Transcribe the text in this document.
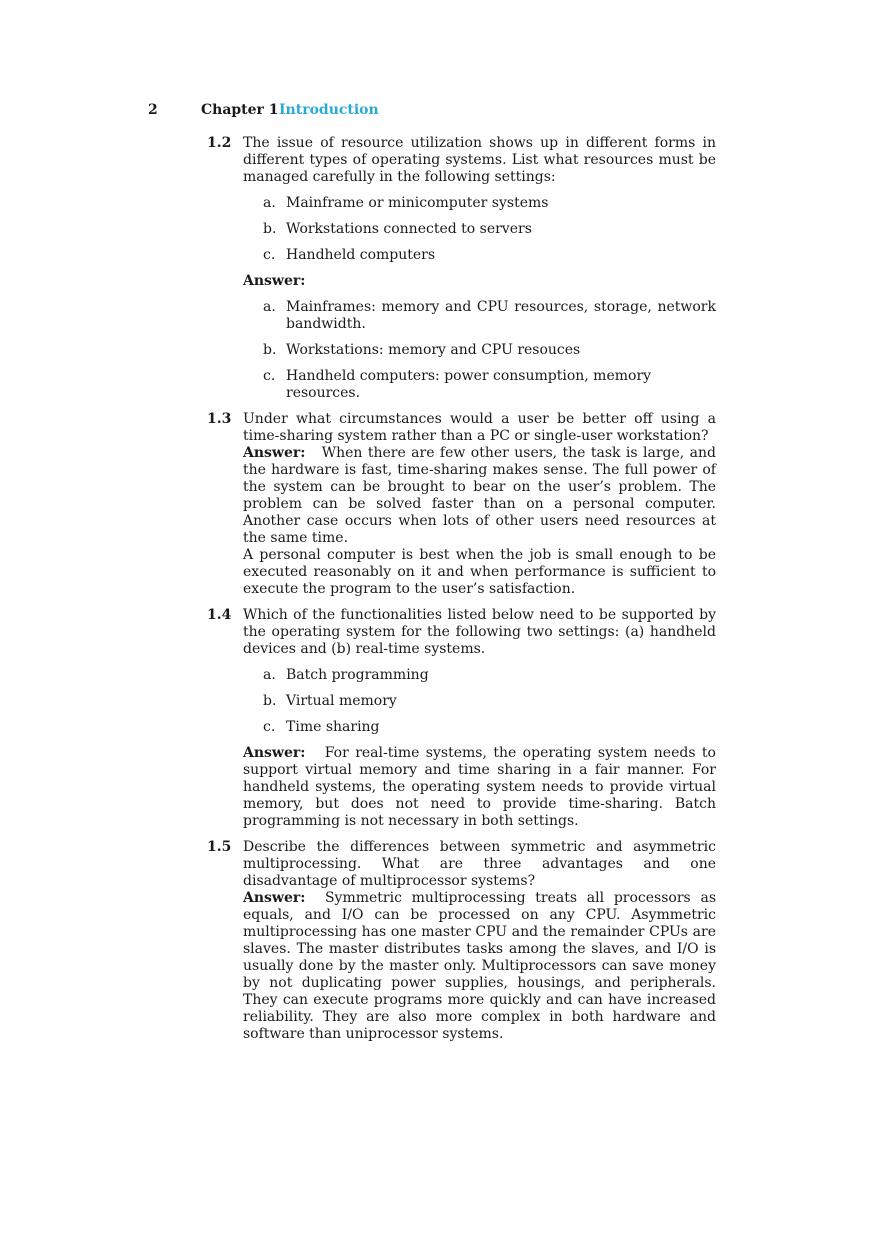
2	Chapter 1 Introduction
1.2 The issue of resource utilization shows up in different forms in different types of operating systems. List what resources must be managed carefully in the following settings:

a. Mainframe or minicomputer systems
b. Workstations connected to servers
c. Handheld computers
Answer:
a. Mainframes: memory and CPU resources, storage, network bandwidth.
b. Workstations: memory and CPU resouces
c. Handheld computers: power consumption, memory resources.
1.3 Under what circumstances would a user be better off using a time-sharing system rather than a PC or single-user workstation?

Answer: When there are few other users, the task is large, and the hardware is fast, time-sharing makes sense. The full power of the system can be brought to bear on the user’s problem. The problem can be solved faster than on a personal computer. Another case occurs when lots of other users need resources at the same time.

A personal computer is best when the job is small enough to be executed reasonably on it and when performance is sufficient to execute the program to the user’s satisfaction.

1.4 Which of the functionalities listed below need to be supported by the operating system for the following two settings: (a) handheld devices and (b) real-time systems.

a. Batch programming
b. Virtual memory
c. Time sharing

Answer: For real-time systems, the operating system needs to support virtual memory and time sharing in a fair manner. For handheld systems, the operating system needs to provide virtual memory, but does not need to provide time-sharing. Batch programming is not necessary in both settings.

1.5 Describe the differences between symmetric and asymmetric multiprocessing. What are three advantages and one disadvantage of multiprocessor systems?

Answer: Symmetric multiprocessing treats all processors as equals, and I/O can be processed on any CPU. Asymmetric multiprocessing has one master CPU and the remainder CPUs are slaves. The master distributes tasks among the slaves, and I/O is usually done by the master only. Multiprocessors can save money by not duplicating power supplies, housings, and peripherals. They can execute programs more quickly and can have increased reliability. They are also more complex in both hardware and software than uniprocessor systems.
